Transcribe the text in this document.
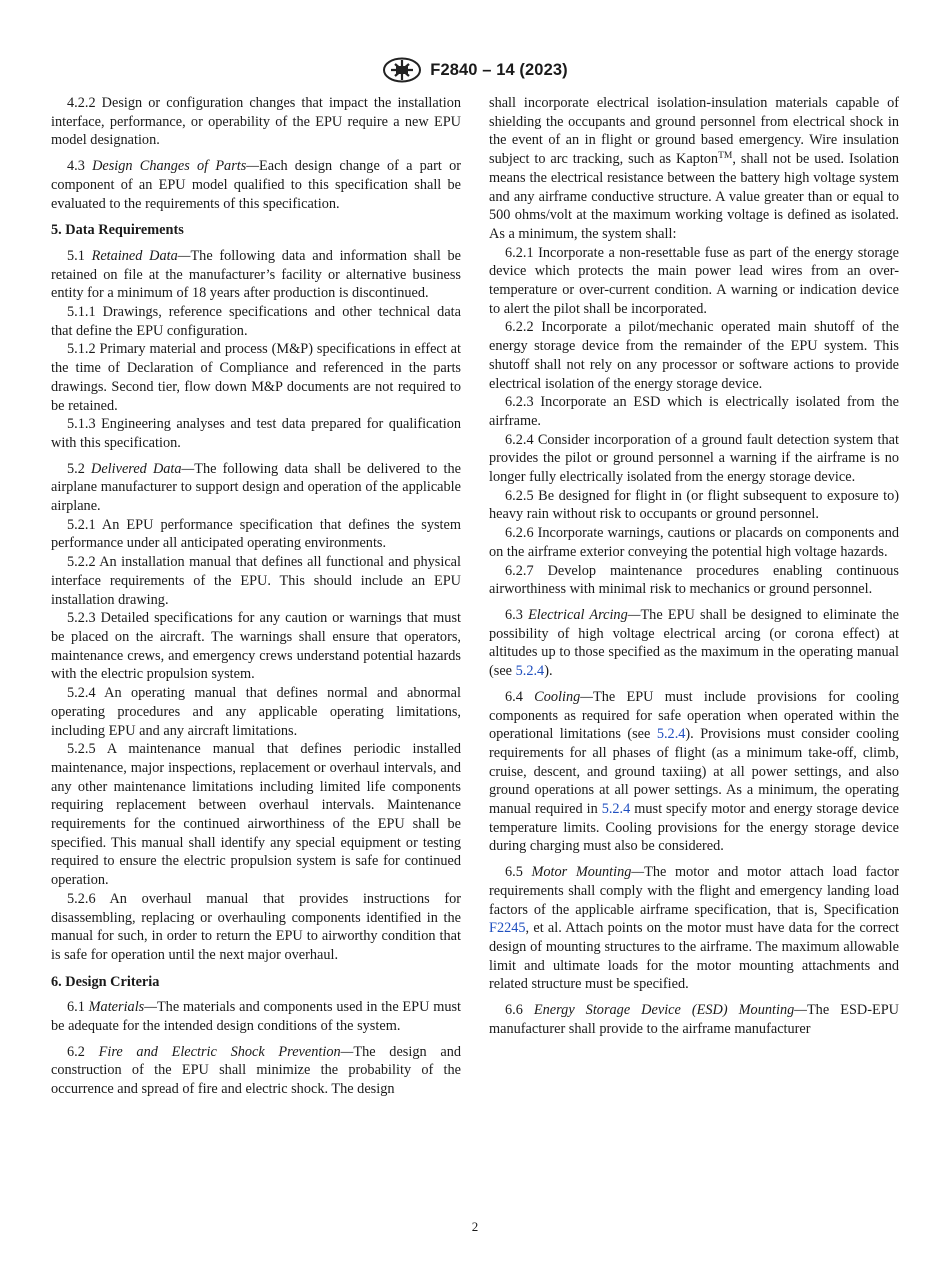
F2840 – 14 (2023)

4.2.2 Design or configuration changes that impact the installation interface, performance, or operability of the EPU require a new EPU model designation.

4.3 Design Changes of Parts—Each design change of a part or component of an EPU model qualified to this specification shall be evaluated to the requirements of this specification.

5. Data Requirements

5.1 Retained Data—The following data and information shall be retained on file at the manufacturer’s facility or alternative business entity for a minimum of 18 years after production is discontinued.

5.1.1 Drawings, reference specifications and other technical data that define the EPU configuration.

5.1.2 Primary material and process (M&P) specifications in effect at the time of Declaration of Compliance and referenced in the parts drawings. Second tier, flow down M&P documents are not required to be retained.

5.1.3 Engineering analyses and test data prepared for qualification with this specification.

5.2 Delivered Data—The following data shall be delivered to the airplane manufacturer to support design and operation of the applicable airplane.

5.2.1 An EPU performance specification that defines the system performance under all anticipated operating environments.

5.2.2 An installation manual that defines all functional and physical interface requirements of the EPU. This should include an EPU installation drawing.

5.2.3 Detailed specifications for any caution or warnings that must be placed on the aircraft. The warnings shall ensure that operators, maintenance crews, and emergency crews understand potential hazards with the electric propulsion system.

5.2.4 An operating manual that defines normal and abnormal operating procedures and any applicable operating limitations, including EPU and any aircraft limitations.

5.2.5 A maintenance manual that defines periodic installed maintenance, major inspections, replacement or overhaul intervals, and any other maintenance limitations including limited life components requiring replacement between overhaul intervals. Maintenance requirements for the continued airworthiness of the EPU shall be specified. This manual shall identify any special equipment or testing required to ensure the electric propulsion system is safe for continued operation.

5.2.6 An overhaul manual that provides instructions for disassembling, replacing or overhauling components identified in the manual for such, in order to return the EPU to airworthy condition that is safe for operation until the next major overhaul.

6. Design Criteria

6.1 Materials—The materials and components used in the EPU must be adequate for the intended design conditions of the system.

6.2 Fire and Electric Shock Prevention—The design and construction of the EPU shall minimize the probability of the occurrence and spread of fire and electric shock. The design

shall incorporate electrical isolation-insulation materials capable of shielding the occupants and ground personnel from electrical shock in the event of an in flight or ground based emergency. Wire insulation subject to arc tracking, such as Kapton™, shall not be used. Isolation means the electrical resistance between the battery high voltage system and any airframe conductive structure. A value greater than or equal to 500 ohms/volt at the maximum working voltage is defined as isolated. As a minimum, the system shall:

6.2.1 Incorporate a non-resettable fuse as part of the energy storage device which protects the main power lead wires from an over-temperature or over-current condition. A warning or indication device to alert the pilot shall be incorporated.

6.2.2 Incorporate a pilot/mechanic operated main shutoff of the energy storage device from the remainder of the EPU system. This shutoff shall not rely on any processor or software actions to provide electrical isolation of the energy storage device.

6.2.3 Incorporate an ESD which is electrically isolated from the airframe.

6.2.4 Consider incorporation of a ground fault detection system that provides the pilot or ground personnel a warning if the airframe is no longer fully electrically isolated from the energy storage device.

6.2.5 Be designed for flight in (or flight subsequent to exposure to) heavy rain without risk to occupants or ground personnel.

6.2.6 Incorporate warnings, cautions or placards on components and on the airframe exterior conveying the potential high voltage hazards.

6.2.7 Develop maintenance procedures enabling continuous airworthiness with minimal risk to mechanics or ground personnel.

6.3 Electrical Arcing—The EPU shall be designed to eliminate the possibility of high voltage electrical arcing (or corona effect) at altitudes up to those specified as the maximum in the operating manual (see 5.2.4).

6.4 Cooling—The EPU must include provisions for cooling components as required for safe operation when operated within the operational limitations (see 5.2.4). Provisions must consider cooling requirements for all phases of flight (as a minimum take-off, climb, cruise, descent, and ground taxiing) at all power settings, and also ground operations at all power settings. As a minimum, the operating manual required in 5.2.4 must specify motor and energy storage device temperature limits. Cooling provisions for the energy storage device during charging must also be considered.

6.5 Motor Mounting—The motor and motor attach load factor requirements shall comply with the flight and emergency landing load factors of the applicable airframe specification, that is, Specification F2245, et al. Attach points on the motor must have data for the correct design of mounting structures to the airframe. The maximum allowable limit and ultimate loads for the motor mounting attachments and related structure must be specified.

6.6 Energy Storage Device (ESD) Mounting—The ESD-EPU manufacturer shall provide to the airframe manufacturer

2
